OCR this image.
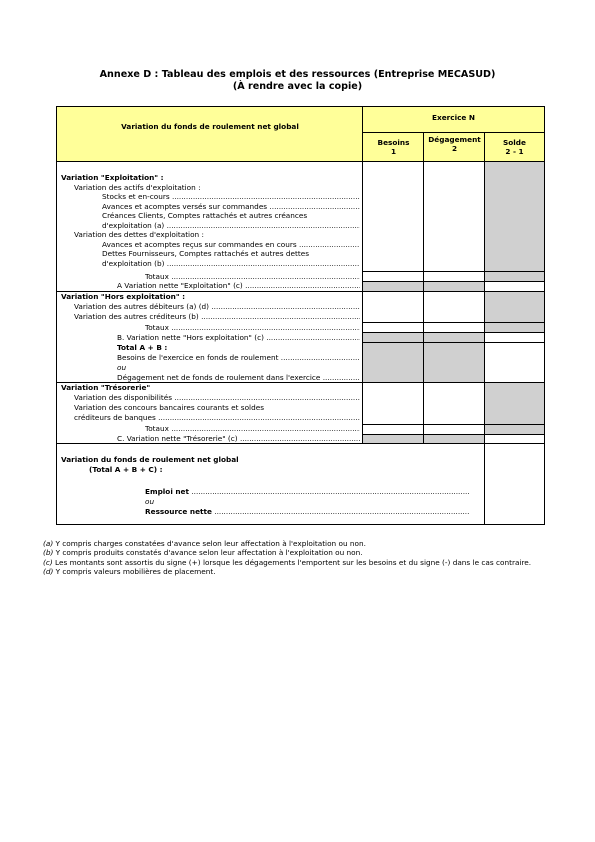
Annexe D : Tableau des emplois et des ressources (Entreprise MECASUD)
(À rendre avec la copie)
Variation du fonds de roulement net global
Exercice N
Besoins
1
Dégagement
2
Solde
2 - 1
Variation "Exploitation" :
Variation des actifs d'exploitation :
Stocks et en-cours .....
Avances et acomptes versés sur commandes .....
Créances Clients, Comptes rattachés et autres créances
d'exploitation (a) .....
Variation des dettes d'exploitation :
Avances et acomptes reçus sur commandes en cours .....
Dettes Fournisseurs, Comptes rattachés et autres dettes
d'exploitation (b) .....
Totaux .....
A Variation nette "Exploitation" (c) .....
Variation "Hors exploitation" :
Variation des autres débiteurs (a) (d) .....
Variation des autres créditeurs (b) .....
Totaux .....
B. Variation nette "Hors exploitation" (c) .....
Total A + B :
Besoins de l'exercice en fonds de roulement .....
ou
Dégagement net de fonds de roulement dans l'exercice .....
Variation "Trésorerie"
Variation des disponibilités .....
Variation des concours bancaires courants et soldes
créditeurs de banques .....
Totaux .....
C. Variation nette "Trésorerie" (c) .....
Variation du fonds de roulement net global
(Total A + B + C) :
Emploi net .....
ou
Ressource nette .....

(a) Y compris charges constatées d'avance selon leur affectation à l'exploitation ou non.

(b) Y compris produits constatés d'avance selon leur affectation à l'exploitation ou non.

(c) Les montants sont assortis du signe (+) lorsque les dégagements l'emportent sur les besoins et du signe (-) dans le cas contraire.

(d) Y compris valeurs mobilières de placement.
